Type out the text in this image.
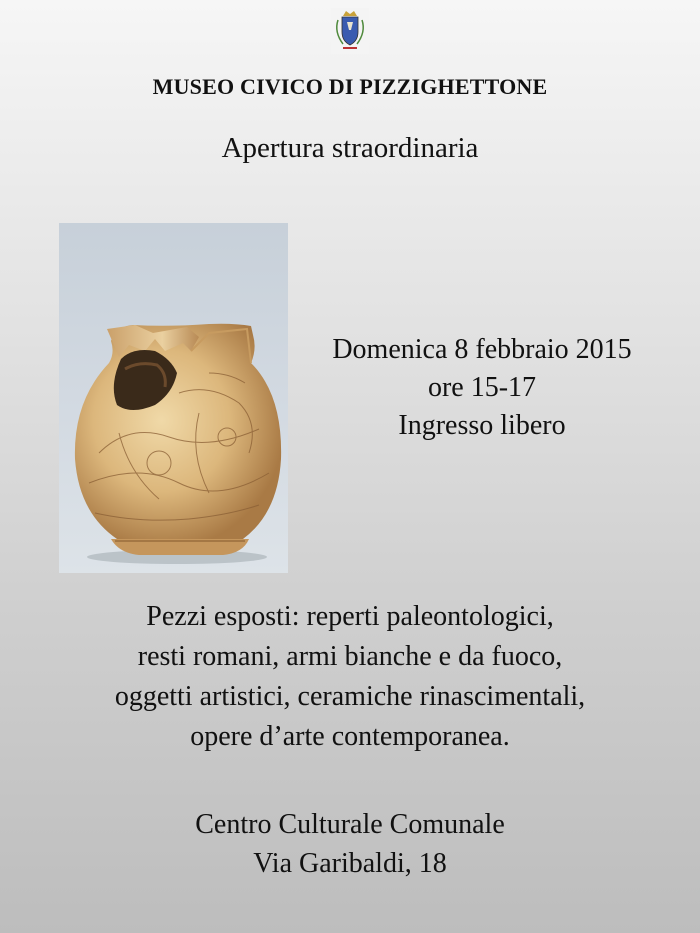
MUSEO CIVICO DI PIZZIGHETTONE
Apertura straordinaria
Domenica 8 febbraio 2015
ore 15-17
Ingresso libero
Pezzi esposti: reperti paleontologici,
resti romani, armi bianche e da fuoco,
oggetti artistici, ceramiche rinascimentali,
opere d’arte contemporanea.
Centro Culturale Comunale
Via Garibaldi, 18
